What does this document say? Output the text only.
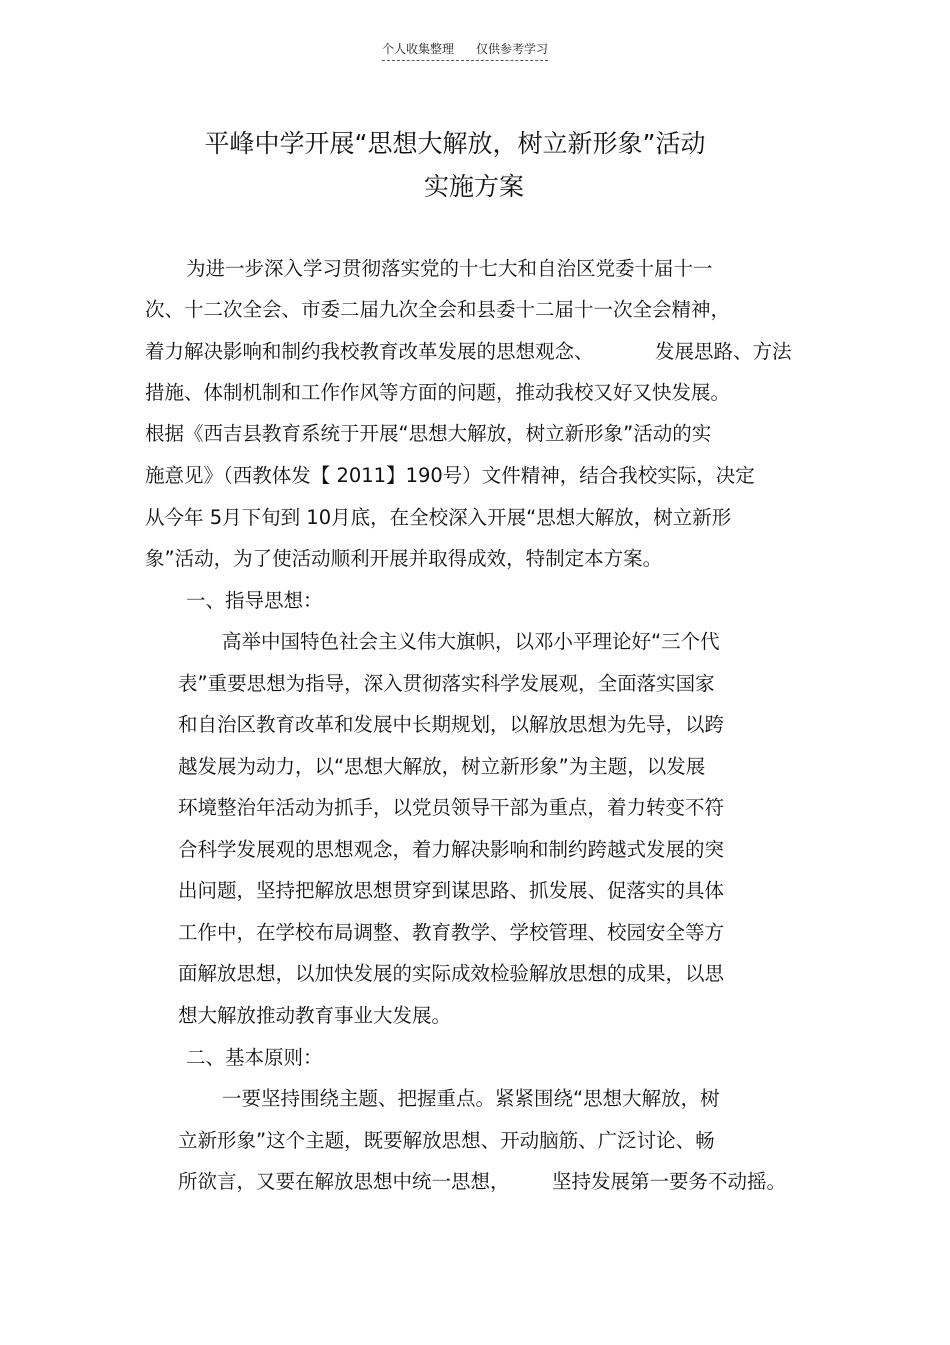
个人收集整理 仅供参考学习
平峰中学开展“思想大解放，树立新形象”活动
实施方案
为进一步深入学习贯彻落实党的十七大和自治区党委十届十一
次、十二次全会、市委二届九次全会和县委十二届十一次全会精神，
着力解决影响和制约我校教育改革发展的思想观念、	发展思路、方法
措施、体制机制和工作作风等方面的问题，推动我校又好又快发展。
根据《西吉县教育系统于开展“思想大解放，树立新形象”活动的实
施意见》（西教体发【 2011】190号）文件精神，结合我校实际，决定
从今年 5月下旬到 10月底，在全校深入开展“思想大解放，树立新形
象”活动，为了使活动顺利开展并取得成效，特制定本方案。
一、指导思想：
高举中国特色社会主义伟大旗帜，以邓小平理论好“三个代
表”重要思想为指导，深入贯彻落实科学发展观，全面落实国家
和自治区教育改革和发展中长期规划，以解放思想为先导，以跨
越发展为动力，以“思想大解放，树立新形象”为主题，以发展
环境整治年活动为抓手，以党员领导干部为重点，着力转变不符
合科学发展观的思想观念，着力解决影响和制约跨越式发展的突
出问题，坚持把解放思想贯穿到谋思路、抓发展、促落实的具体
工作中，在学校布局调整、教育教学、学校管理、校园安全等方
面解放思想，以加快发展的实际成效检验解放思想的成果，以思
想大解放推动教育事业大发展。
二、基本原则：
一要坚持围绕主题、把握重点。紧紧围绕“思想大解放，树
立新形象”这个主题，既要解放思想、开动脑筋、广泛讨论、畅
所欲言，又要在解放思想中统一思想， 坚持发展第一要务不动摇。
